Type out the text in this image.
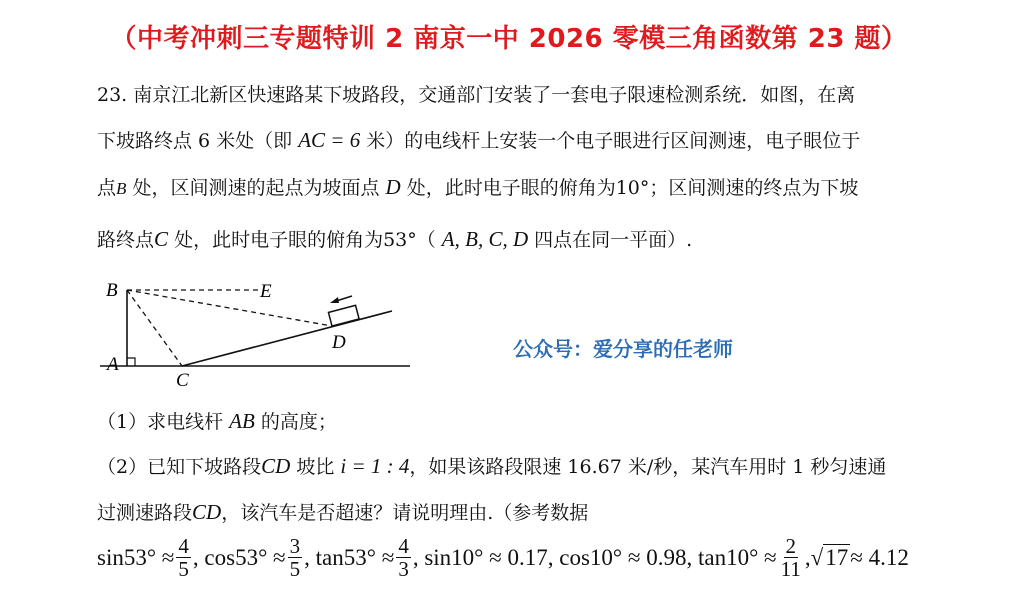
（中考冲刺三专题特训 2 南京一中 2026 零模三角函数第 23 题）
23. 南京江北新区快速路某下坡路段，交通部门安装了一套电子限速检测系统．如图，在离
下坡路终点 6 米处（即 AC = 6 米）的电线杆上安装一个电子眼进行区间测速，电子眼位于
点B 处，区间测速的起点为坡面点 D 处，此时电子眼的俯角为10°；区间测速的终点为下坡
路终点C 处，此时电子眼的俯角为53°（ A, B, C, D 四点在同一平面）.
B	E
A
C
D	公众号：爱分享的任老师
（1）求电线杆 AB 的高度；
（2）已知下坡路段CD 坡比 i = 1 : 4，如果该路段限速 16.67 米/秒，某汽车用时 1 秒匀速通
过测速路段CD，该汽车是否超速？请说明理由.（参考数据
$\sin 53^\circ \approx \frac{4}{5}$ , $\cos 53^\circ \approx \frac{3}{5}$ , $\tan 53^\circ \approx \frac{4}{3}$ , sin10° ≈ 0.17, cos10° ≈ 0.98, $\tan 10^\circ \approx \frac{2}{11}$ , √ 17 ≈ 4.12
